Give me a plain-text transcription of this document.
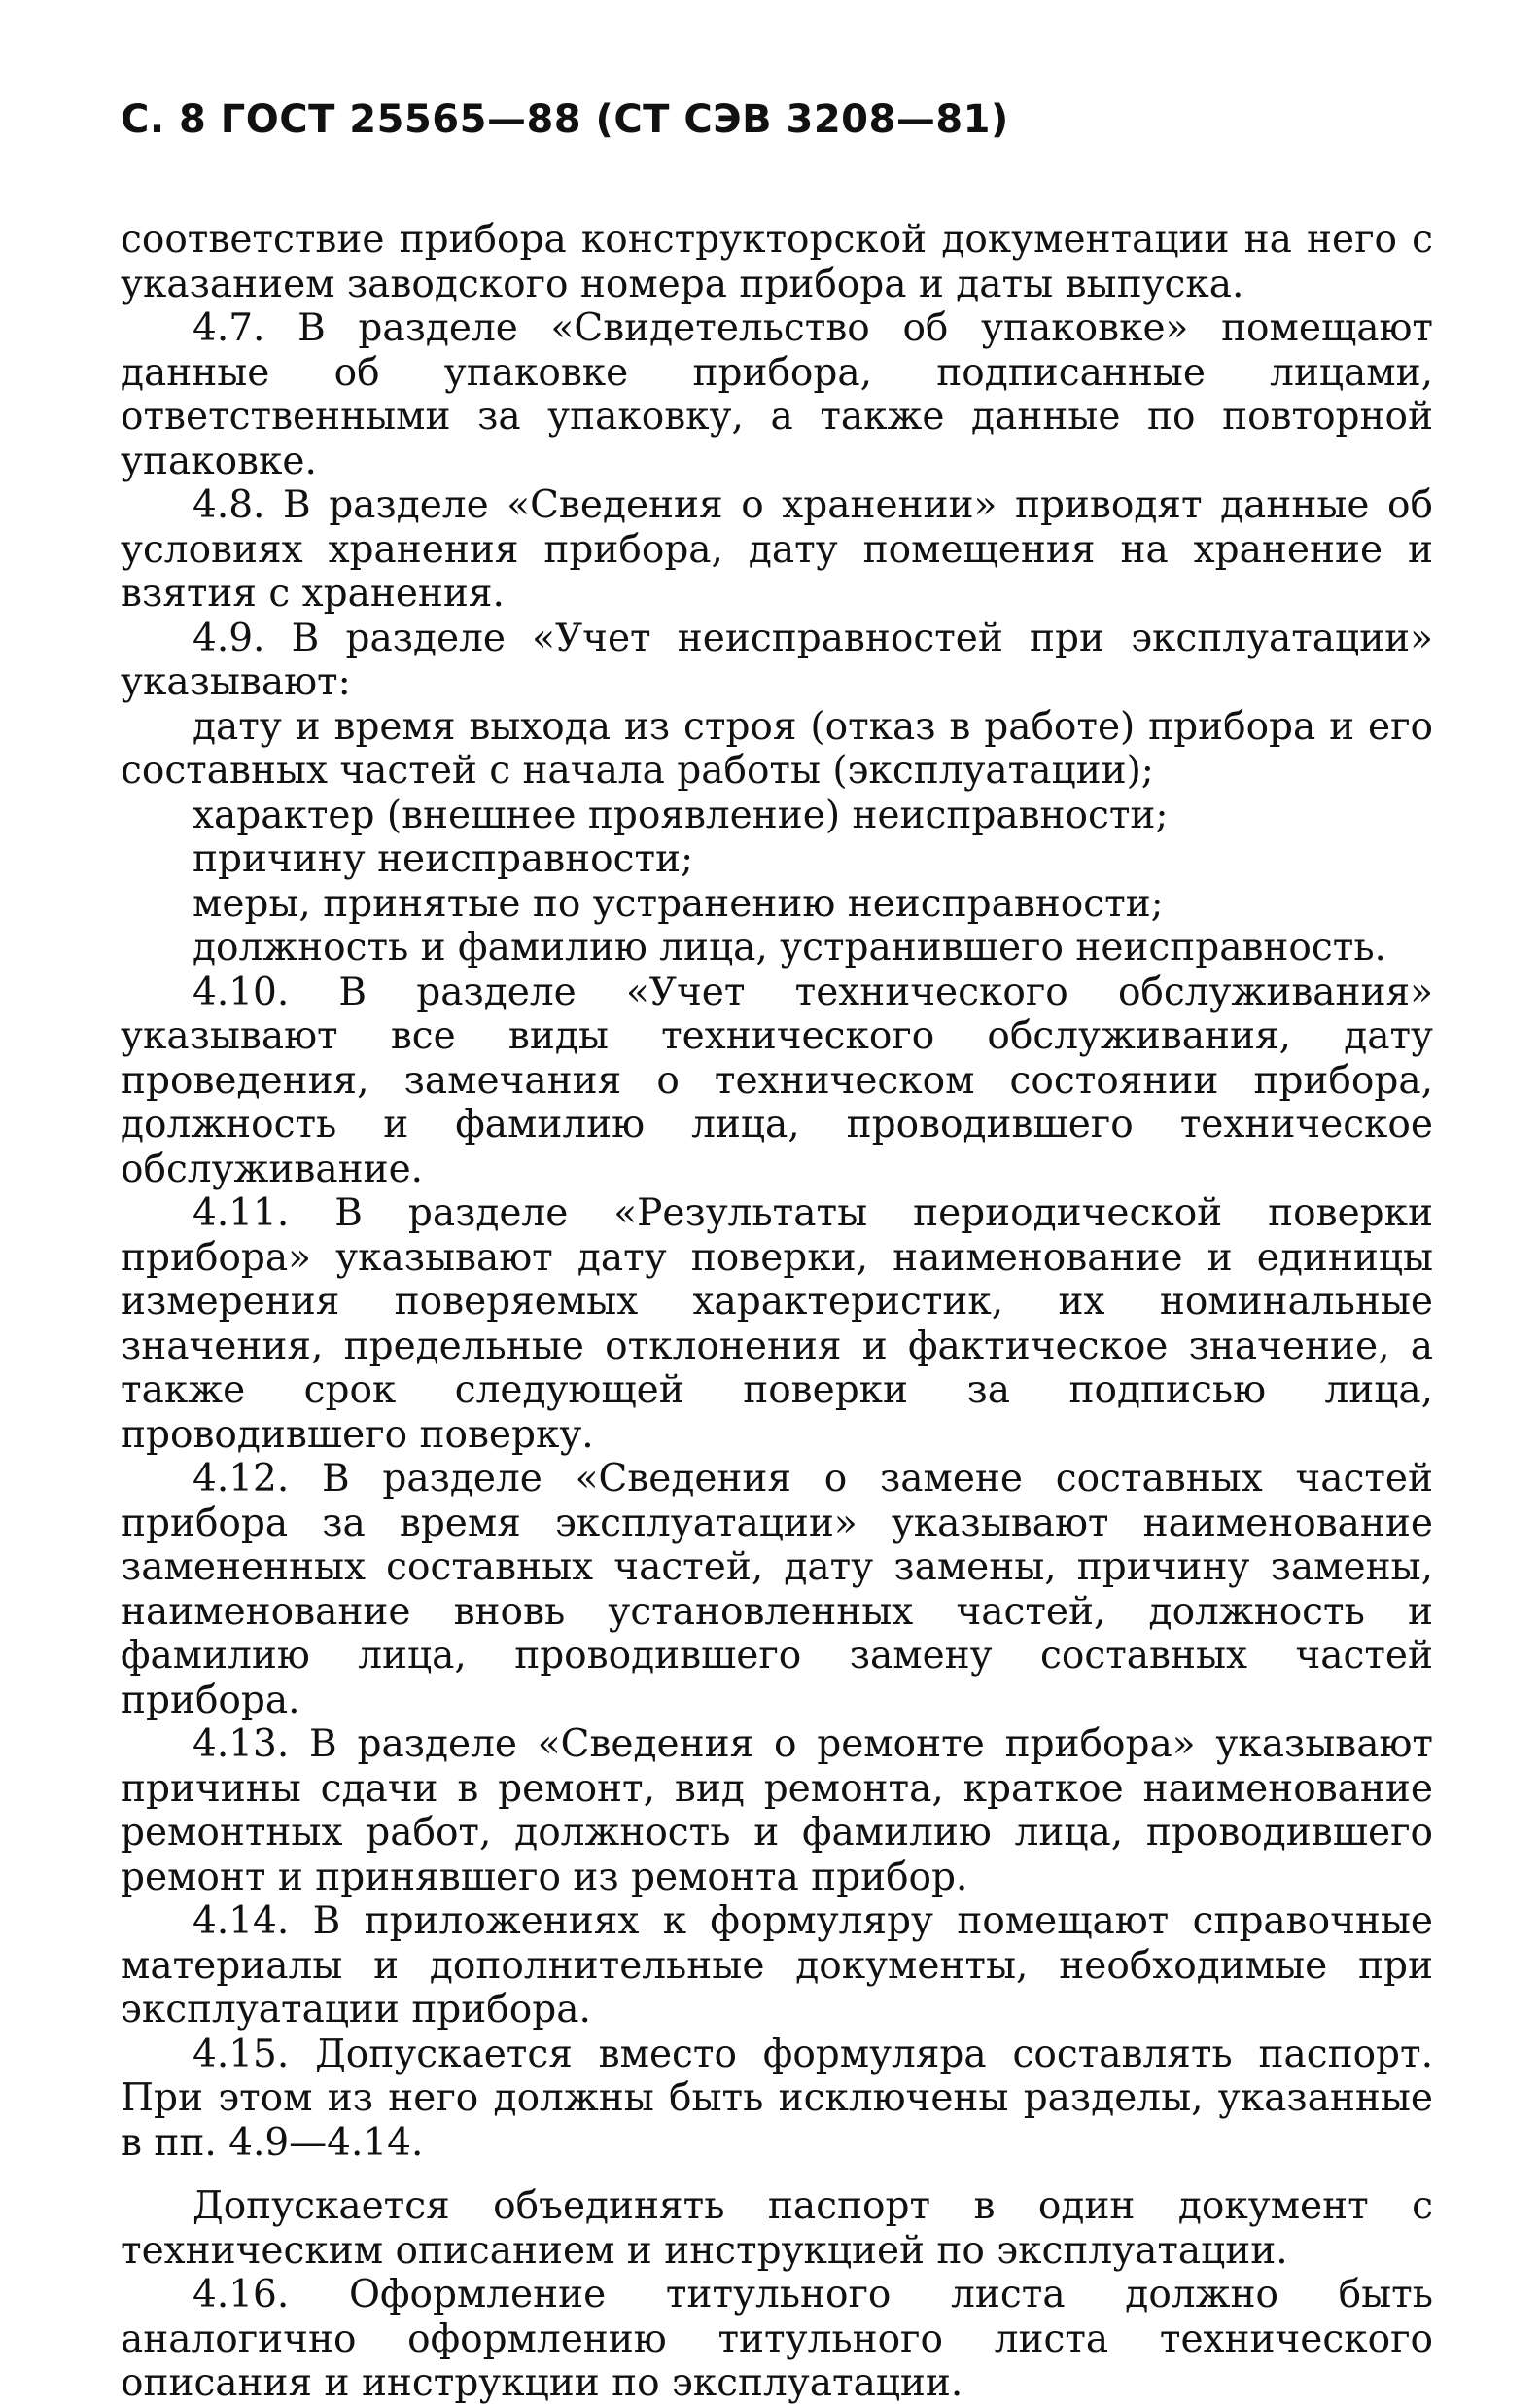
С. 8 ГОСТ 25565—88 (СТ СЭВ 3208—81)

соответствие прибора конструкторской документации на него с указанием заводского номера прибора и даты выпуска.

4.7. В разделе «Свидетельство об упаковке» помещают данные об упаковке прибора, подписанные лицами, ответственными за упаковку, а также данные по повторной упаковке.

4.8. В разделе «Сведения о хранении» приводят данные об условиях хранения прибора, дату помещения на хранение и взятия с хранения.

4.9. В разделе «Учет неисправностей при эксплуатации» указывают:

дату и время выхода из строя (отказ в работе) прибора и его составных частей с начала работы (эксплуатации);

характер (внешнее проявление) неисправности;

причину неисправности;

меры, принятые по устранению неисправности;

должность и фамилию лица, устранившего неисправность.

4.10. В разделе «Учет технического обслуживания» указывают все виды технического обслуживания, дату проведения, замечания о техническом состоянии прибора, должность и фамилию лица, проводившего техническое обслуживание.

4.11. В разделе «Результаты периодической поверки прибора» указывают дату поверки, наименование и единицы измерения поверяемых характеристик, их номинальные значения, предельные отклонения и фактическое значение, а также срок следующей поверки за подписью лица, проводившего поверку.

4.12. В разделе «Сведения о замене составных частей прибора за время эксплуатации» указывают наименование замененных составных частей, дату замены, причину замены, наименование вновь установленных частей, должность и фамилию лица, проводившего замену составных частей прибора.

4.13. В разделе «Сведения о ремонте прибора» указывают причины сдачи в ремонт, вид ремонта, краткое наименование ремонтных работ, должность и фамилию лица, проводившего ремонт и принявшего из ремонта прибор.

4.14. В приложениях к формуляру помещают справочные материалы и дополнительные документы, необходимые при эксплуатации прибора.

4.15. Допускается вместо формуляра составлять паспорт. При этом из него должны быть исключены разделы, указанные в пп. 4.9—4.14.

Допускается объединять паспорт в один документ с техническим описанием и инструкцией по эксплуатации.

4.16. Оформление титульного листа должно быть аналогично оформлению титульного листа технического описания и инструкции по эксплуатации.
